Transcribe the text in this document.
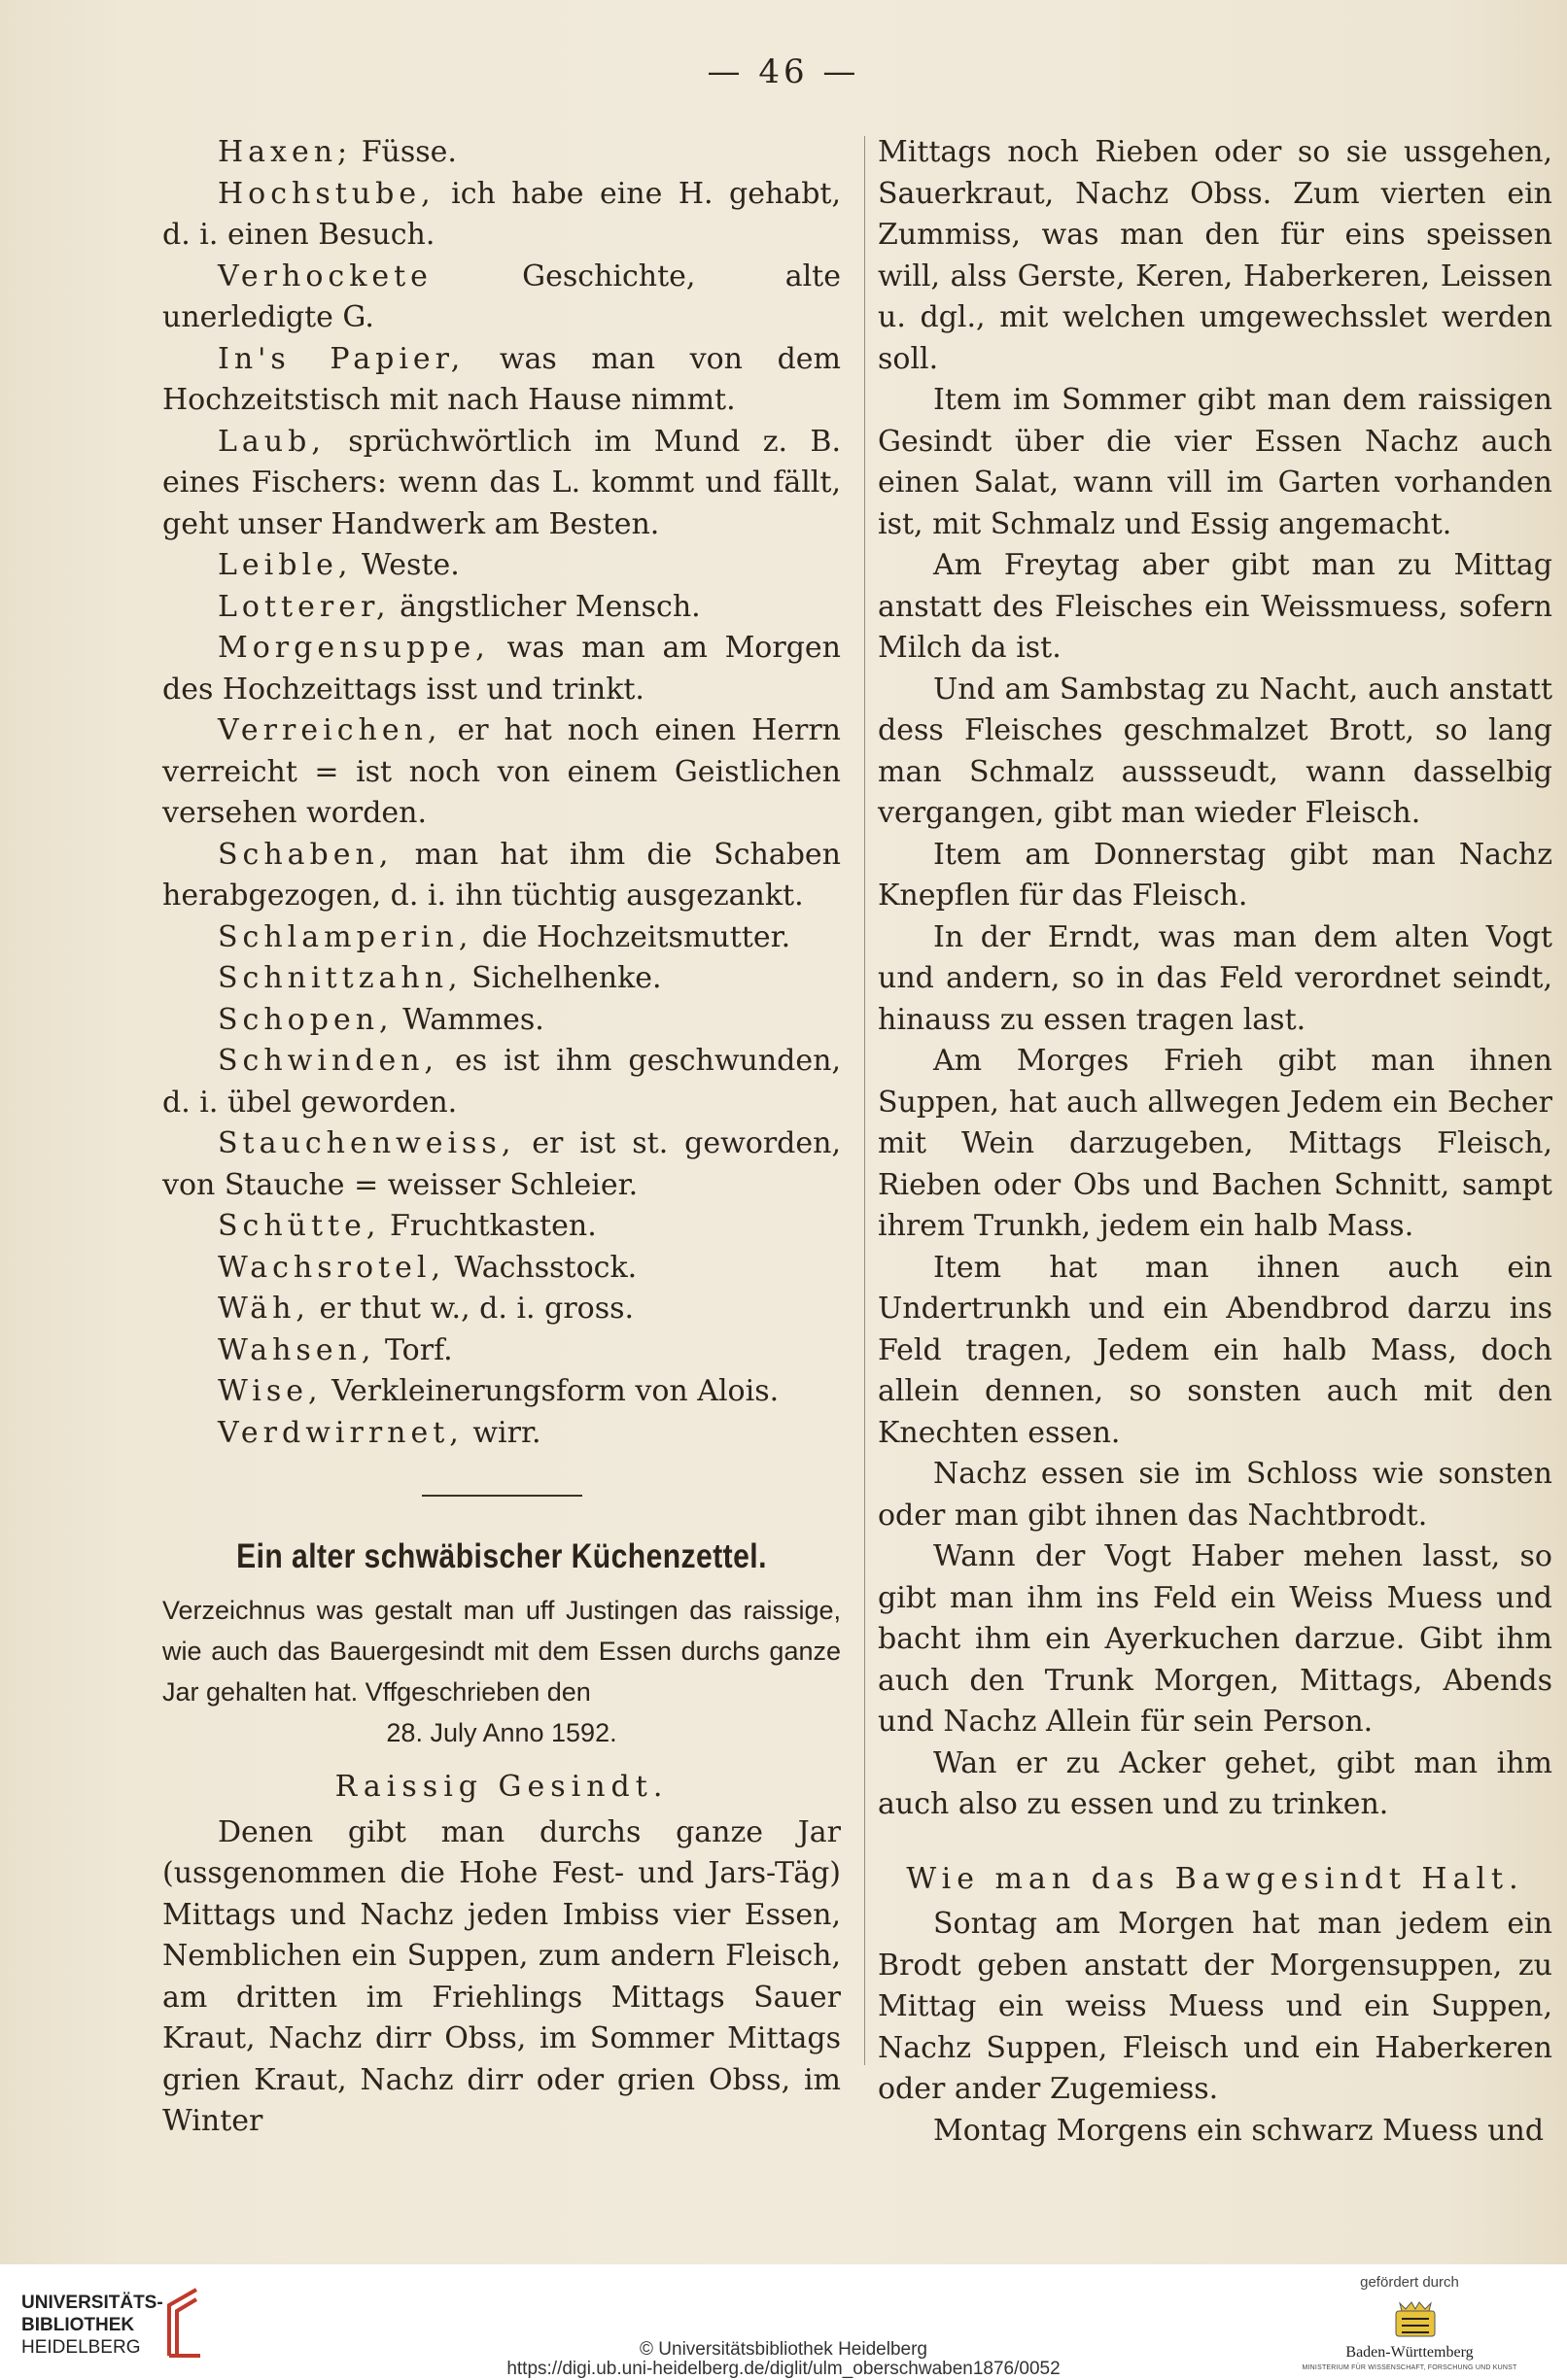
— 46 —

Haxen; Füsse.

Hochstube, ich habe eine H. gehabt, d. i. einen Besuch.

Verhockete Geschichte, alte unerledigte G.

In's Papier, was man von dem Hochzeitstisch mit nach Hause nimmt.

Laub, sprüchwörtlich im Mund z. B. eines Fischers: wenn das L. kommt und fällt, geht unser Handwerk am Besten.

Leible, Weste.

Lotterer, ängstlicher Mensch.

Morgensuppe, was man am Morgen des Hochzeittags isst und trinkt.

Verreichen, er hat noch einen Herrn verreicht = ist noch von einem Geistlichen versehen worden.

Schaben, man hat ihm die Schaben herabgezogen, d. i. ihn tüchtig ausgezankt.

Schlamperin, die Hochzeitsmutter.

Schnittzahn, Sichelhenke.

Schopen, Wammes.

Schwinden, es ist ihm geschwunden, d. i. übel geworden.

Stauchenweiss, er ist st. geworden, von Stauche = weisser Schleier.

Schütte, Fruchtkasten.

Wachsrotel, Wachsstock.

Wäh, er thut w., d. i. gross.

Wahsen, Torf.

Wise, Verkleinerungsform von Alois.

Verdwirrnet, wirr.

Ein alter schwäbischer Küchenzettel.

Verzeichnus was gestalt man uff Justingen das raissige, wie auch das Bauergesindt mit dem Essen durchs ganze Jar gehalten hat. Vffgeschrieben den

28. July Anno 1592.

Raissig Gesindt.

Denen gibt man durchs ganze Jar (ussgenommen die Hohe Fest- und Jars-Täg) Mittags und Nachz jeden Imbiss vier Essen, Nemblichen ein Suppen, zum andern Fleisch, am dritten im Friehlings Mittags Sauer Kraut, Nachz dirr Obss, im Sommer Mittags grien Kraut, Nachz dirr oder grien Obss, im Winter

Mittags noch Rieben oder so sie ussgehen, Sauerkraut, Nachz Obss. Zum vierten ein Zummiss, was man den für eins speissen will, alss Gerste, Keren, Haberkeren, Leissen u. dgl., mit welchen umgewechsslet werden soll.

Item im Sommer gibt man dem raissigen Gesindt über die vier Essen Nachz auch einen Salat, wann vill im Garten vorhanden ist, mit Schmalz und Essig angemacht.

Am Freytag aber gibt man zu Mittag anstatt des Fleisches ein Weissmuess, sofern Milch da ist.

Und am Sambstag zu Nacht, auch anstatt dess Fleisches geschmalzet Brott, so lang man Schmalz aussseudt, wann dasselbig vergangen, gibt man wieder Fleisch.

Item am Donnerstag gibt man Nachz Knepflen für das Fleisch.

In der Erndt, was man dem alten Vogt und andern, so in das Feld verordnet seindt, hinauss zu essen tragen last.

Am Morges Frieh gibt man ihnen Suppen, hat auch allwegen Jedem ein Becher mit Wein darzugeben, Mittags Fleisch, Rieben oder Obs und Bachen Schnitt, sampt ihrem Trunkh, jedem ein halb Mass.

Item hat man ihnen auch ein Undertrunkh und ein Abendbrod darzu ins Feld tragen, Jedem ein halb Mass, doch allein dennen, so sonsten auch mit den Knechten essen.

Nachz essen sie im Schloss wie sonsten oder man gibt ihnen das Nachtbrodt.

Wann der Vogt Haber mehen lasst, so gibt man ihm ins Feld ein Weiss Muess und bacht ihm ein Ayerkuchen darzue. Gibt ihm auch den Trunk Morgen, Mittags, Abends und Nachz Allein für sein Person.

Wan er zu Acker gehet, gibt man ihm auch also zu essen und zu trinken.

Wie man das Bawgesindt Halt.

Sontag am Morgen hat man jedem ein Brodt geben anstatt der Morgensuppen, zu Mittag ein weiss Muess und ein Suppen, Nachz Suppen, Fleisch und ein Haberkeren oder ander Zugemiess.

Montag Morgens ein schwarz Muess und

UNIVERSITÄTS-
BIBLIOTHEK
HEIDELBERG	© Universitätsbibliothek Heidelberg
https://digi.ub.uni-heidelberg.de/diglit/ulm_oberschwaben1876/0052
gefördert durch
Baden-Württemberg
MINISTERIUM FÜR WISSENSCHAFT, FORSCHUNG UND KUNST
